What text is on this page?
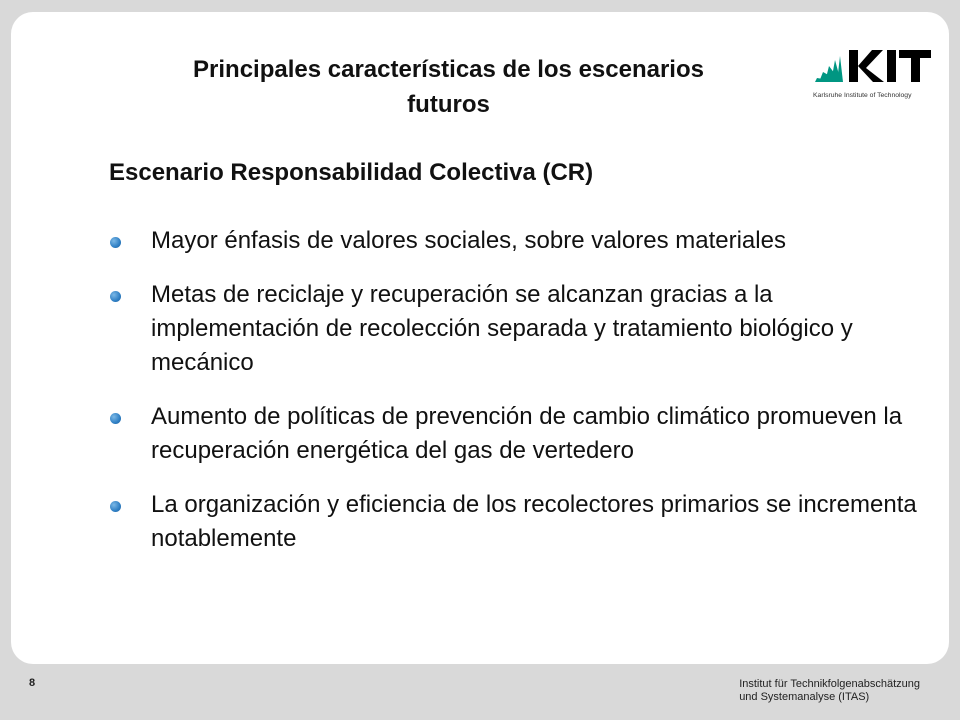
Principales características de los escenarios futuros	Karlsruhe Institute of Technology
Escenario Responsabilidad Colectiva (CR)
Mayor énfasis de valores sociales, sobre valores materiales
Metas de reciclaje y recuperación se alcanzan gracias a la implementación de recolección separada y tratamiento biológico y mecánico
Aumento de políticas de prevención de cambio climático promueven la recuperación energética del gas de vertedero
La organización y eficiencia de los recolectores primarios se incrementa notablemente
8	Institut für Technikfolgenabschätzung
und Systemanalyse (ITAS)
